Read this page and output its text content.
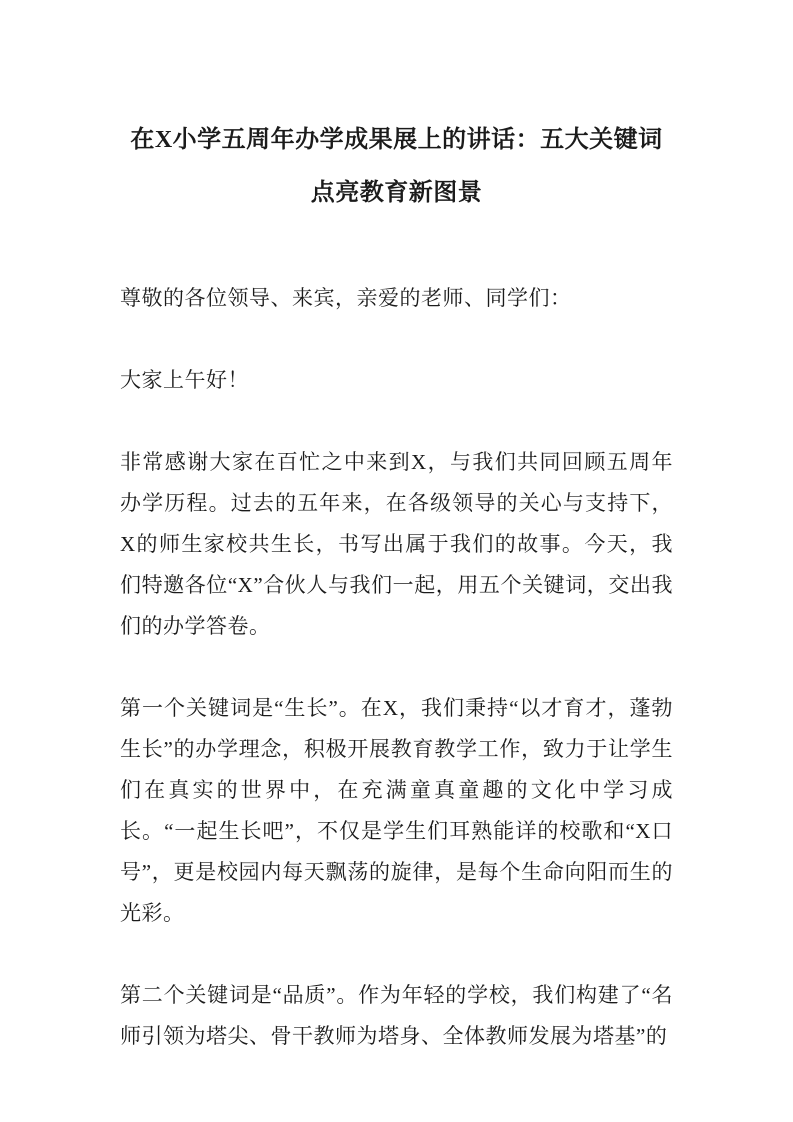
在X小学五周年办学成果展上的讲话：五大关键词点亮教育新图景

尊敬的各位领导、来宾，亲爱的老师、同学们：

大家上午好！

非常感谢大家在百忙之中来到X，与我们共同回顾五周年办学历程。过去的五年来，在各级领导的关心与支持下，X的师生家校共生长，书写出属于我们的故事。今天，我们特邀各位“X”合伙人与我们一起，用五个关键词，交出我们的办学答卷。

第一个关键词是“生长”。在X，我们秉持“以才育才，蓬勃生长”的办学理念，积极开展教育教学工作，致力于让学生们在真实的世界中，在充满童真童趣的文化中学习成长。“一起生长吧”，不仅是学生们耳熟能详的校歌和“X口号”，更是校园内每天飘荡的旋律，是每个生命向阳而生的光彩。

第二个关键词是“品质”。作为年轻的学校，我们构建了“名师引领为塔尖、骨干教师为塔身、全体教师发展为塔基”的
